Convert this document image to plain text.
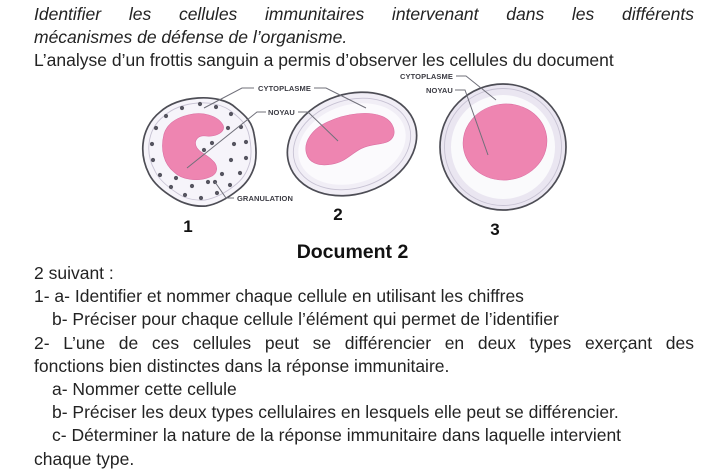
Identifier les cellules immunitaires intervenant dans les différents
mécanismes de défense de l’organisme.
L’analyse d’un frottis sanguin a permis d’observer les cellules du document
CYTOPLASME
NOYAU
GRANULATION
CYTOPLASME
NOYAU
1
2
3
Document 2
2 suivant :
1- a- Identifier et nommer chaque cellule en utilisant les chiffres
b- Préciser pour chaque cellule l’élément qui permet de l’identifier
2- L’une de ces cellules peut se différencier en deux types exerçant des
fonctions bien distinctes dans la réponse immunitaire.
a- Nommer cette cellule
b- Préciser les deux types cellulaires en lesquels elle peut se différencier.
c- Déterminer la nature de la réponse immunitaire dans laquelle intervient
chaque type.
